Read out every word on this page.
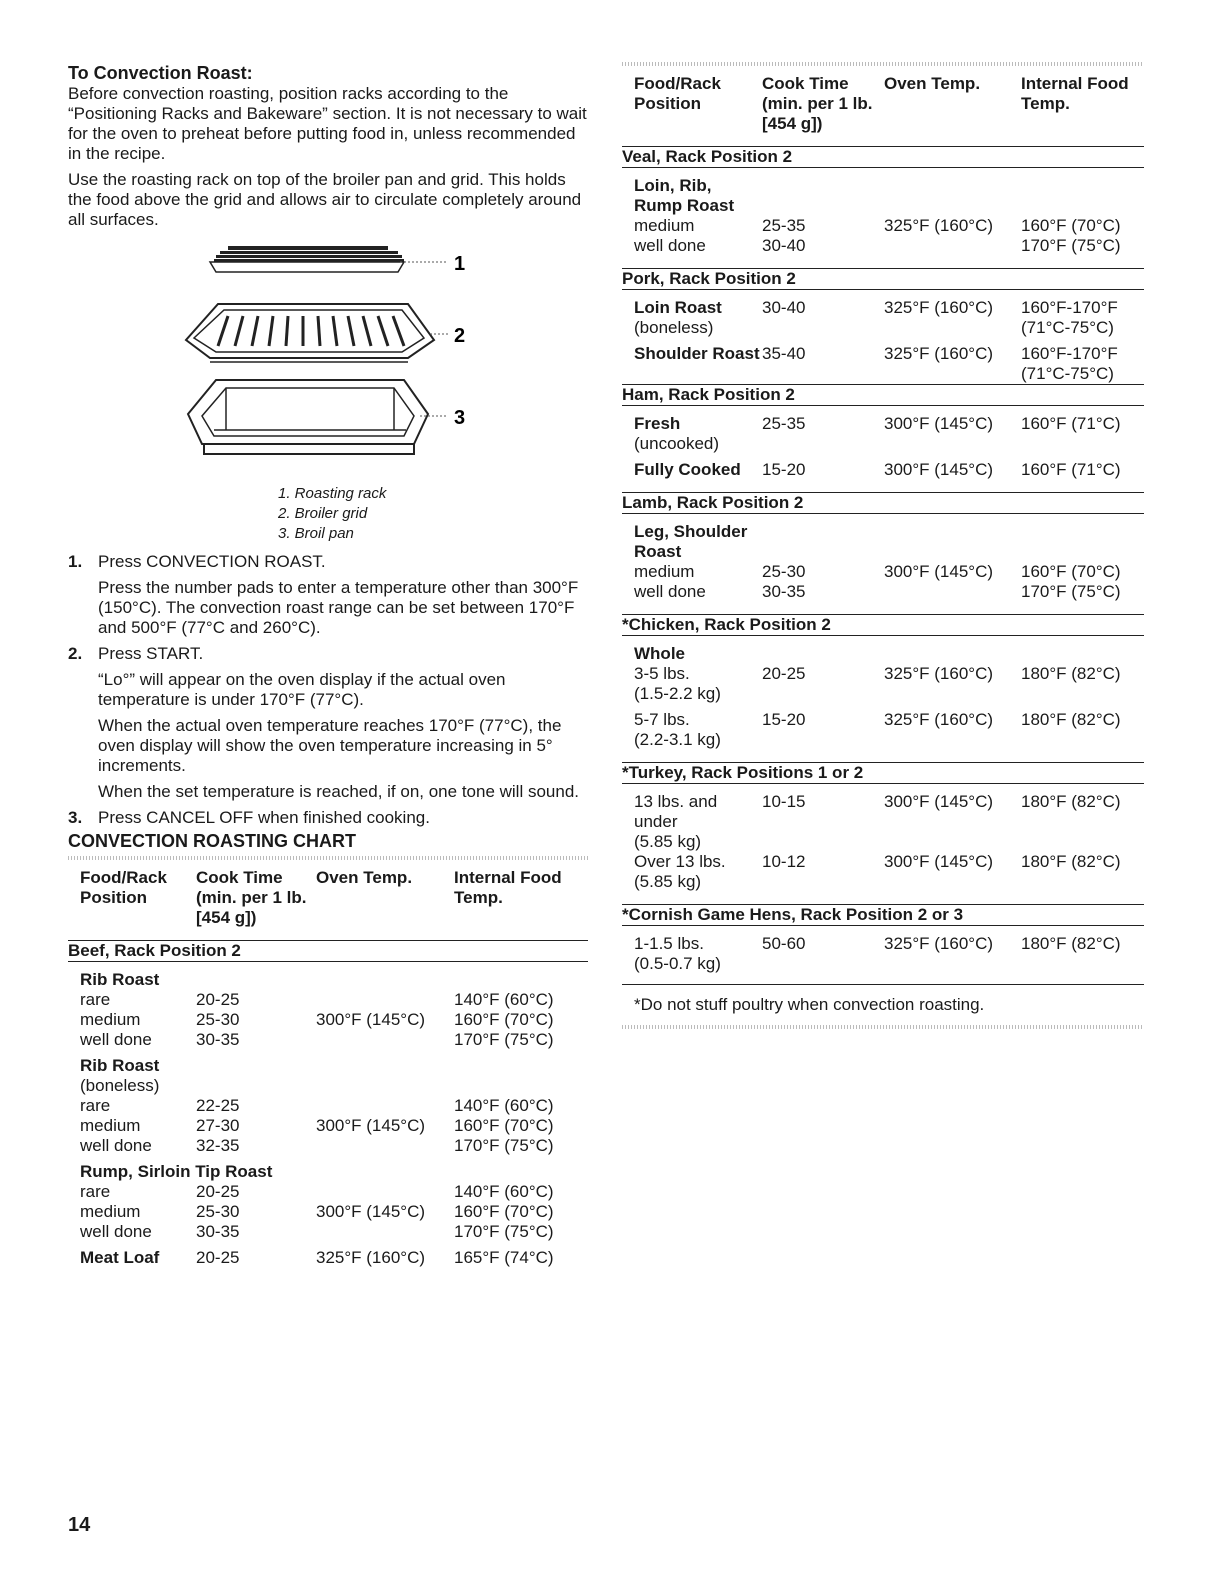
To Convection Roast:

Before convection roasting, position racks according to the “Positioning Racks and Bakeware” section. It is not necessary to wait for the oven to preheat before putting food in, unless recommended in the recipe.

Use the roasting rack on top of the broiler pan and grid. This holds the food above the grid and allows air to circulate completely around all surfaces.

1
2
3
1. Roasting rack
2. Broiler grid
3. Broil pan
1. Press CONVECTION ROAST.

Press the number pads to enter a temperature other than 300°F (150°C). The convection roast range can be set between 170°F and 500°F (77°C and 260°C).

2. Press START.

“Lo°” will appear on the oven display if the actual oven temperature is under 170°F (77°C).

When the actual oven temperature reaches 170°F (77°C), the oven display will show the oven temperature increasing in 5° increments.

When the set temperature is reached, if on, one tone will sound.

3. Press CANCEL OFF when finished cooking.

CONVECTION ROASTING CHART
Food/Rack Position	Cook Time (min. per 1 lb. [454 g])	Oven Temp.	Internal Food Temp.
Beef, Rack Position 2			

Rib Roast			
rare	20-25		140°F (60°C)
medium	25-30	300°F (145°C)	160°F (70°C)
well done	30-35		170°F (75°C)
Rib Roast			
(boneless)			
rare	22-25		140°F (60°C)
medium	27-30	300°F (145°C)	160°F (70°C)
well done	32-35		170°F (75°C)
Rump, Sirloin Tip Roast			
rare	20-25		140°F (60°C)
medium	25-30	300°F (145°C)	160°F (70°C)
well done	30-35		170°F (75°C)
Meat Loaf	20-25	325°F (160°C)	165°F (74°C)
Food/Rack Position	Cook Time (min. per 1 lb. [454 g])	Oven Temp.	Internal Food Temp.
Veal, Rack Position 2			

Loin, Rib, Rump Roast			
medium	25-35	325°F (160°C)	160°F (70°C)
well done	30-40		170°F (75°C)
Pork, Rack Position 2			

Loin Roast	30-40	325°F (160°C)	160°F-170°F
(boneless)			(71°C-75°C)
Shoulder Roast	35-40	325°F (160°C)	160°F-170°F
(71°C-75°C)

Ham, Rack Position 2			

Fresh	25-35	300°F (145°C)	160°F (71°C)
(uncooked)			
Fully Cooked	15-20	300°F (145°C)	160°F (71°C)
Lamb, Rack Position 2			

Leg, Shoulder Roast			
medium	25-30	300°F (145°C)	160°F (70°C)
well done	30-35		170°F (75°C)
*Chicken, Rack Position 2			

Whole			
3-5 lbs.	20-25	325°F (160°C)	180°F (82°C)
(1.5-2.2 kg)			
5-7 lbs.	15-20	325°F (160°C)	180°F (82°C)
(2.2-3.1 kg)			
*Turkey, Rack Positions 1 or 2			

13 lbs. and under	10-15	300°F (145°C)	180°F (82°C)
(5.85 kg)			
Over 13 lbs.	10-12	300°F (145°C)	180°F (82°C)
(5.85 kg)			
*Cornish Game Hens, Rack Position 2 or 3			

1-1.5 lbs.	50-60	325°F (160°C)	180°F (82°C)
(0.5-0.7 kg)			
*Do not stuff poultry when convection roasting.			
14
